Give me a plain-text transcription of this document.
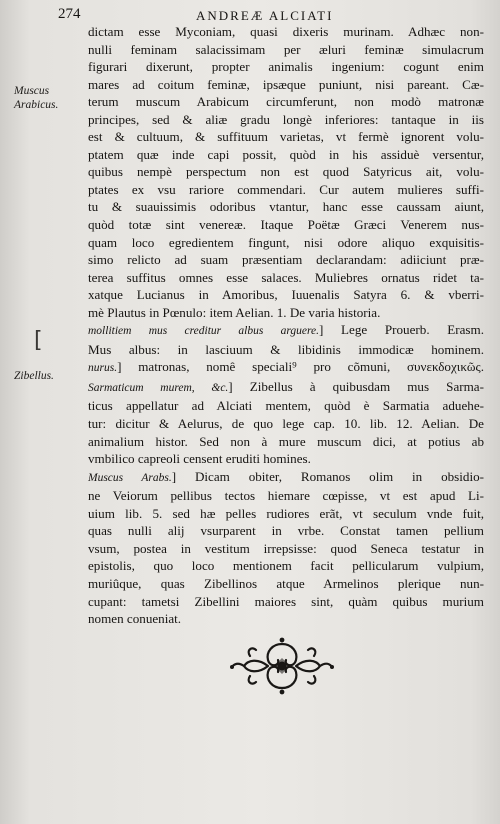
274	ANDREÆ ALCIATI
Muscus
Arabicus.
[
Zibellus.
dictam esse Myconiam, quasi dixeris murinam. Adhæc non-
nulli feminam salacissimam per æluri feminæ simulacrum
figurari dixerunt, propter animalis ingenium: cogunt enim
mares ad coitum feminæ, ipsæque puniunt, nisi pareant. Cæ-
terum muscum Arabicum circumferunt, non modò matronæ
principes, sed & aliæ gradu longè inferiores: tantaque in iis
est & cultuum, & suffituum varietas, vt fermè ignorent volu-
ptatem quæ inde capi possit, quòd in his assiduè versentur,
quibus nempè perspectum non est quod Satyricus ait, volu-
ptates ex vsu rariore commendari. Cur autem mulieres suffi-
tu & suauissimis odoribus vtantur, hanc esse caussam aiunt,
quòd totæ sint venereæ. Itaque Poëtæ Græci Venerem nus-
quam loco egredientem fingunt, nisi odore aliquo exquisitis-
simo relicto ad suam præsentiam declarandam: adiiciunt præ-
terea suffitus omnes esse salaces. Muliebres ornatus ridet ta-
xatque Lucianus in Amoribus, Iuuenalis Satyra 6. & vberri-
mè Plautus in Pœnulo: item Aelian. 1. De varia historia.
mollitiem mus creditur albus arguere.] Lege Prouerb. Erasm.
Mus albus: in lasciuum & libidinis immodicæ hominem.
nurus.] matronas, nomê speciali⁹ pro cõmuni, συνεκδοχικῶς.
Sarmaticum murem, &c.] Zibellus à quibusdam mus Sarma-
ticus appellatur ad Alciati mentem, quòd è Sarmatia aduehe-
tur: dicitur & Aelurus, de quo lege cap. 10. lib. 12. Aelian. De
animalium histor. Sed non à mure muscum dici, at potius ab
vmbilico capreoli censent eruditi homines.
Muscus Arabs.] Dicam obiter, Romanos olim in obsidio-
ne Veiorum pellibus tectos hiemare cœpisse, vt est apud Li-
uium lib. 5. sed hæ pelles rudiores erãt, vt seculum vnde fuit,
quas nulli alij vsurparent in vrbe. Constat tamen pellium
vsum, postea in vestitum irrepsisse: quod Seneca testatur in
epistolis, quo loco mentionem facit pellicularum vulpium,
muriûque, quas Zibellinos atque Armelinos plerique nun-
cupant: tametsi Zibellini maiores sint, quàm quibus murium
nomen conueniat.
